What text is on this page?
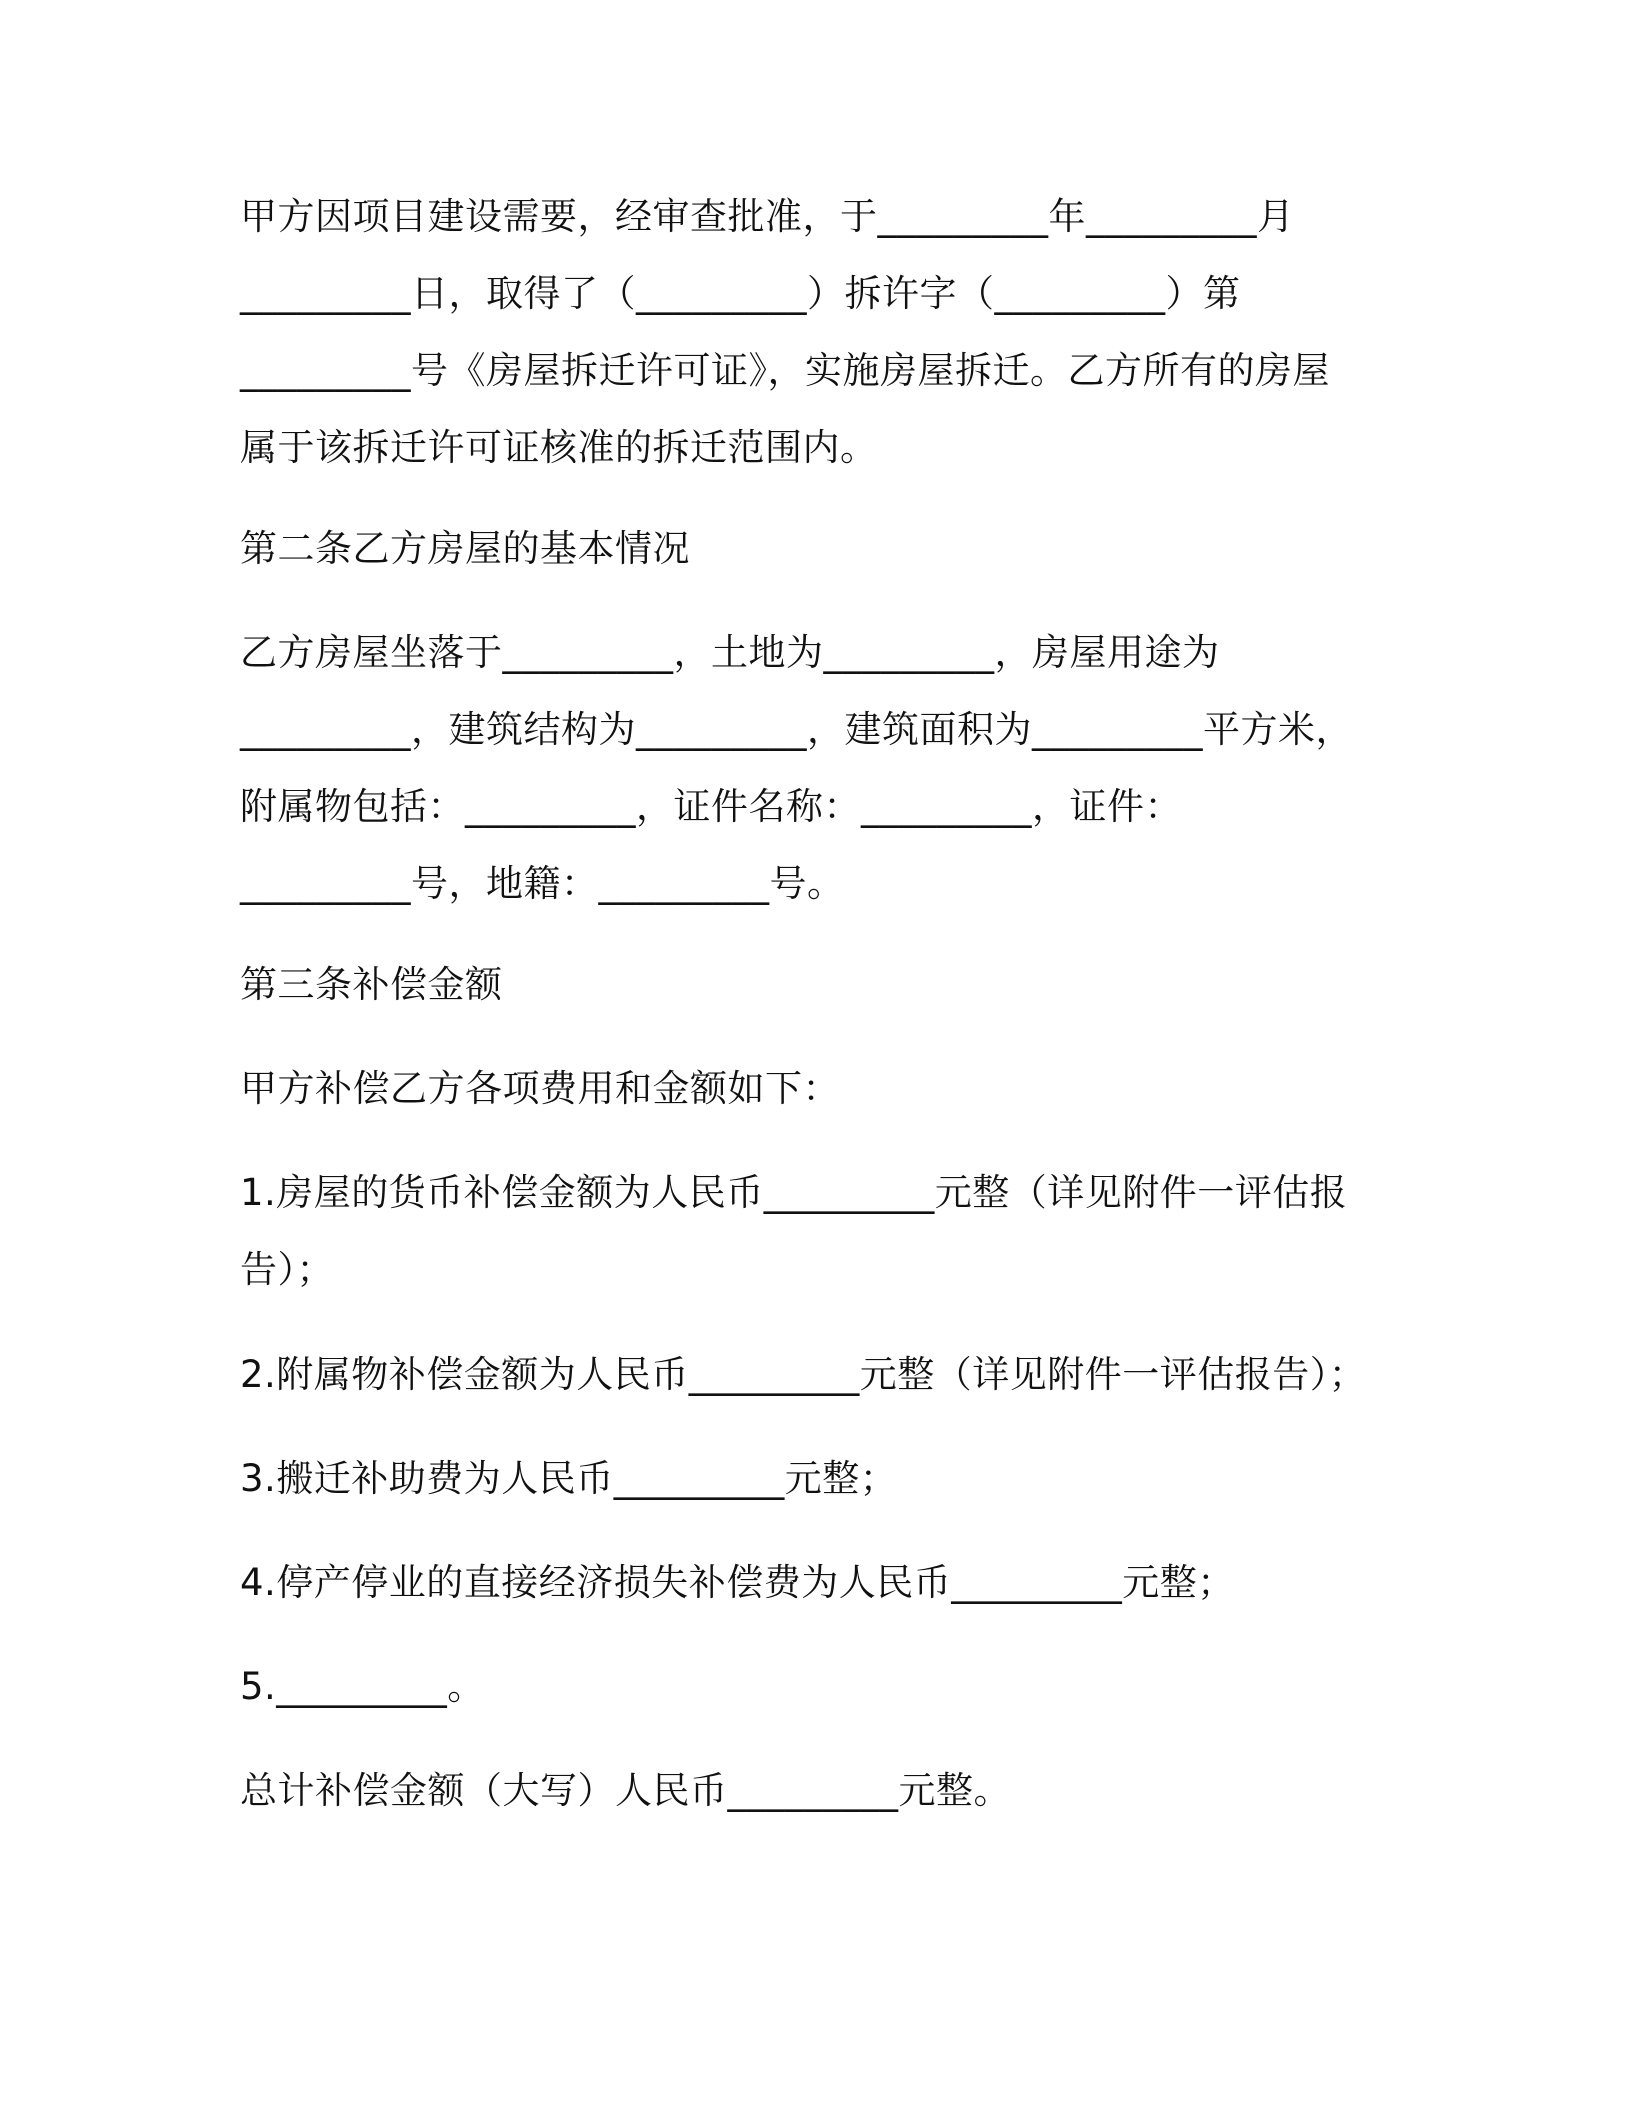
甲方因项目建设需要，经审查批准，于_________年_________月
_________日，取得了（_________）拆许字（_________）第
_________号《房屋拆迁许可证》，实施房屋拆迁。乙方所有的房屋
属于该拆迁许可证核准的拆迁范围内。

第二条乙方房屋的基本情况

乙方房屋坐落于_________，土地为_________，房屋用途为
_________，建筑结构为_________，建筑面积为_________平方米，
附属物包括：_________，证件名称：_________，证件：
_________号，地籍：_________号。

第三条补偿金额

甲方补偿乙方各项费用和金额如下：

1.房屋的货币补偿金额为人民币_________元整（详见附件一评估报
告）；

2.附属物补偿金额为人民币_________元整（详见附件一评估报告）；

3.搬迁补助费为人民币_________元整；

4.停产停业的直接经济损失补偿费为人民币_________元整；

5._________。

总计补偿金额（大写）人民币_________元整。
